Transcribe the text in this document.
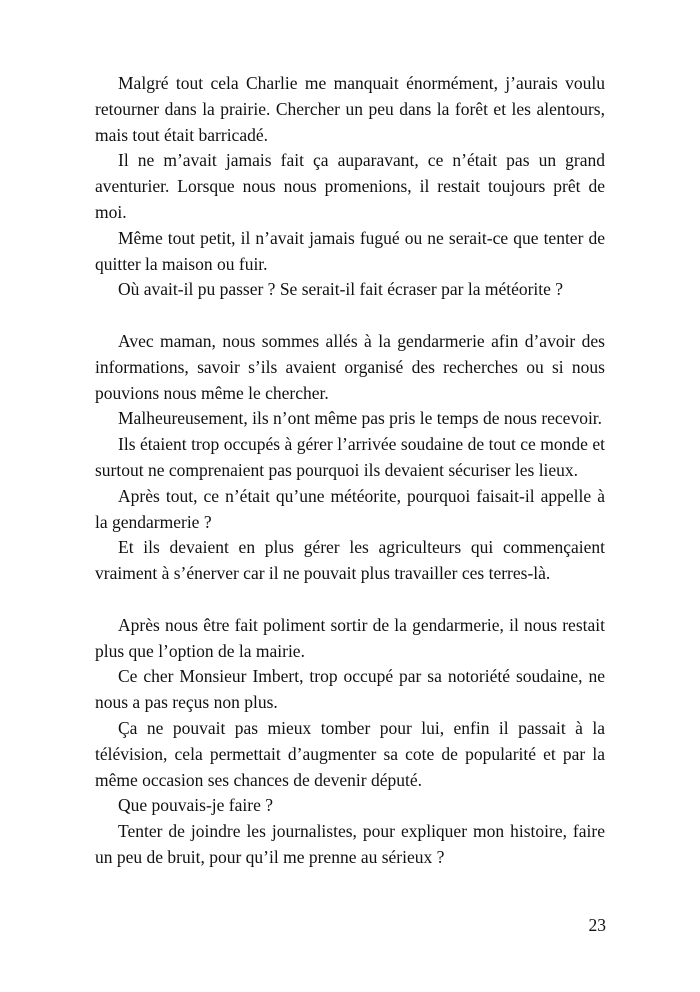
Malgré tout cela Charlie me manquait énormément, j’aurais voulu retourner dans la prairie. Chercher un peu dans la forêt et les alentours, mais tout était barricadé.

Il ne m’avait jamais fait ça auparavant, ce n’était pas un grand aventurier. Lorsque nous nous promenions, il restait toujours prêt de moi.

Même tout petit, il n’avait jamais fugué ou ne serait-ce que tenter de quitter la maison ou fuir.

Où avait-il pu passer ? Se serait-il fait écraser par la météorite ?

Avec maman, nous sommes allés à la gendarmerie afin d’avoir des informations, savoir s’ils avaient organisé des recherches ou si nous pouvions nous même le chercher.

Malheureusement, ils n’ont même pas pris le temps de nous recevoir.

Ils étaient trop occupés à gérer l’arrivée soudaine de tout ce monde et surtout ne comprenaient pas pourquoi ils devaient sécuriser les lieux.

Après tout, ce n’était qu’une météorite, pourquoi faisait-il appelle à la gendarmerie ?

Et ils devaient en plus gérer les agriculteurs qui commençaient vraiment à s’énerver car il ne pouvait plus travailler ces terres-là.

Après nous être fait poliment sortir de la gendarmerie, il nous restait plus que l’option de la mairie.

Ce cher Monsieur Imbert, trop occupé par sa notoriété soudaine, ne nous a pas reçus non plus.

Ça ne pouvait pas mieux tomber pour lui, enfin il passait à la télévision, cela permettait d’augmenter sa cote de popularité et par la même occasion ses chances de devenir député.

Que pouvais-je faire ?

Tenter de joindre les journalistes, pour expliquer mon histoire, faire un peu de bruit, pour qu’il me prenne au sérieux ?

23
